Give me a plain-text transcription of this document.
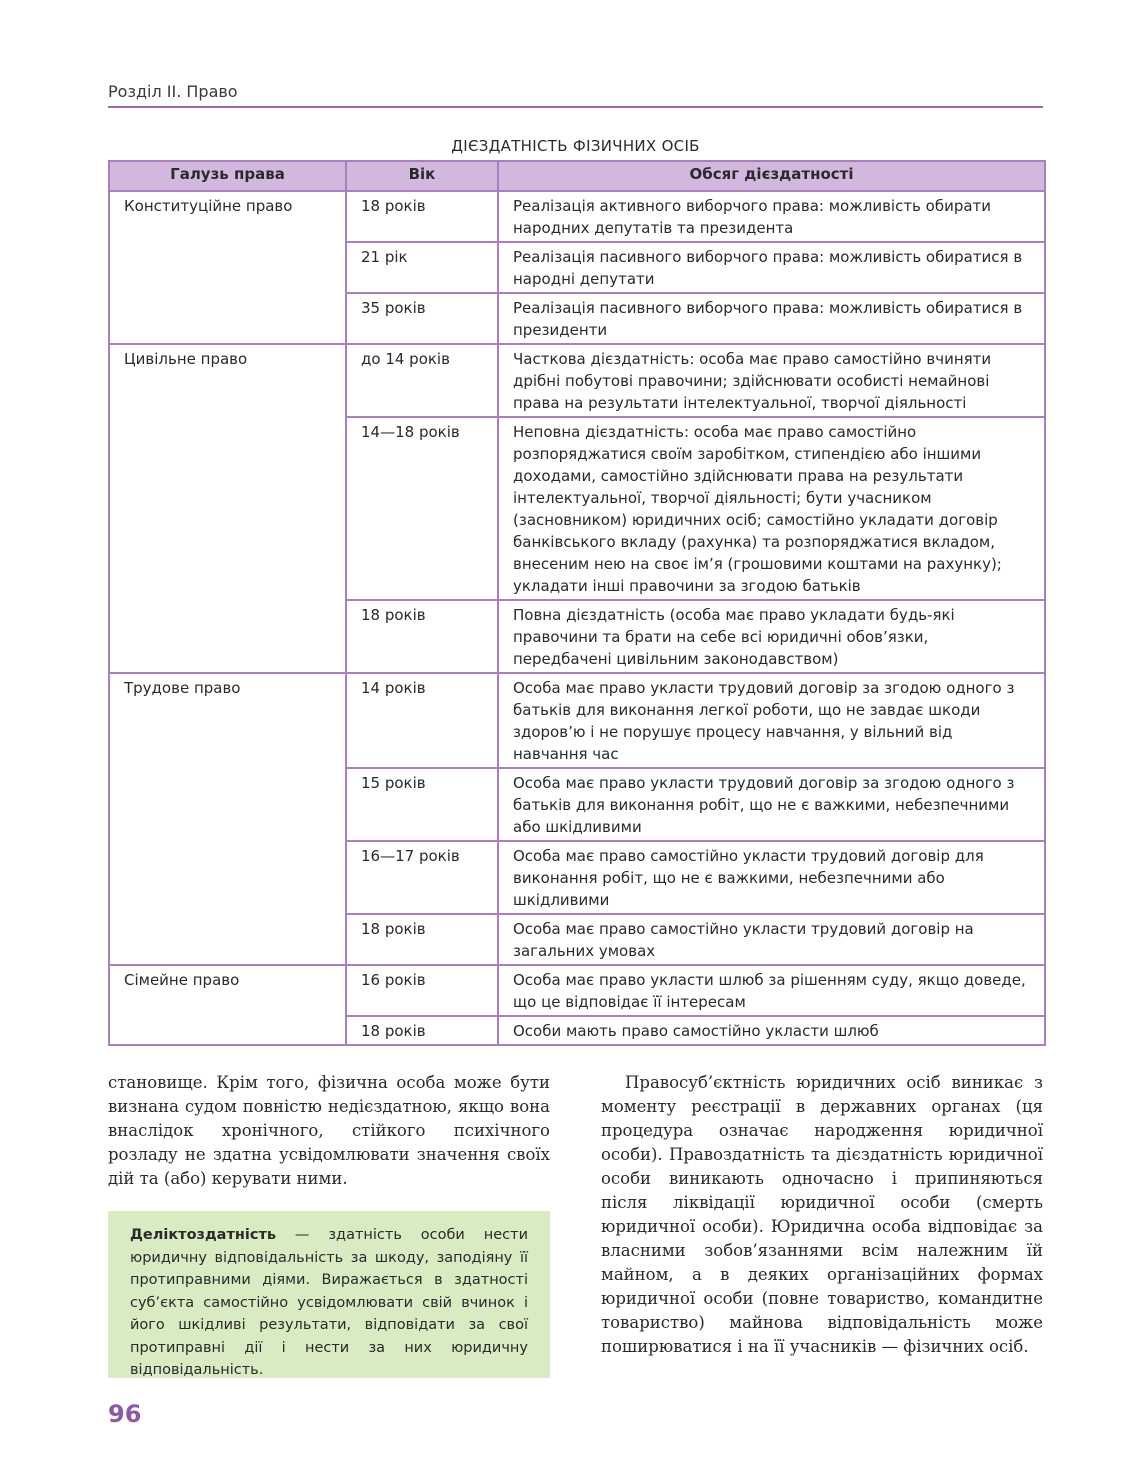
Розділ ІІ. Право
ДІЄЗДАТНІСТЬ ФІЗИЧНИХ ОСІБ
Галузь права	Вік	Обсяг дієздатності
Конституційне право	18 років	Реалізація активного виборчого права: можливість обирати народних депутатів та президента
	21 рік	Реалізація пасивного виборчого права: можливість обиратися в народні депутати
	35 років	Реалізація пасивного виборчого права: можливість обиратися в президенти
Цивільне право	до 14 років	Часткова дієздатність: особа має право самостійно вчиняти дрібні побутові правочини; здійснювати особисті немайнові права на результати інтелектуальної, творчої діяльності
	14—18 років	Неповна дієздатність: особа має право самостійно розпоряджатися своїм заробітком, стипендією або іншими доходами, самостійно здійснювати права на результати інтелектуальної, творчої діяльності; бути учасником (засновником) юридичних осіб; самостійно укладати договір банківського вкладу (рахунка) та розпоряджатися вкладом, внесеним нею на своє ім’я (грошовими коштами на рахунку); укладати інші правочини за згодою батьків
	18 років	Повна дієздатність (особа має право укладати будь-які правочини та брати на себе всі юридичні обов’язки, передбачені цивільним законодавством)
Трудове право	14 років	Особа має право укласти трудовий договір за згодою одного з батьків для виконання легкої роботи, що не завдає шкоди здоров’ю і не порушує процесу навчання, у вільний від навчання час
	15 років	Особа має право укласти трудовий договір за згодою одного з батьків для виконання робіт, що не є важкими, небезпечними або шкідливими
	16—17 років	Особа має право самостійно укласти трудовий договір для виконання робіт, що не є важкими, небезпечними або шкідливими
	18 років	Особа має право самостійно укласти трудовий договір на загальних умовах
Сімейне право	16 років	Особа має право укласти шлюб за рішенням суду, якщо доведе, що це відповідає її інтересам
	18 років	Особи мають право самостійно укласти шлюб

становище. Крім того, фізична особа може бути визнана судом повністю недієздатною, якщо вона внаслідок хронічного, стійкого психічного розладу не здатна усвідомлювати значення своїх дій та (або) керувати ними.

Деліктоздатність — здатність особи нести юридичну відповідальність за шкоду, заподіяну її протиправними діями. Виражається в здатності суб’єкта самостійно усвідомлювати свій вчинок і його шкідливі результати, відповідати за свої протиправні дії і нести за них юридичну відповідальність.

Правосуб’єктність юридичних осіб виникає з моменту реєстрації в державних органах (ця процедура означає народження юридичної особи). Правоздатність та дієздатність юридичної особи виникають одночасно і припиняються після ліквідації юридичної особи (смерть юридичної особи). Юридична особа відповідає за власними зобов’язаннями всім належним їй майном, а в деяких організаційних формах юридичної особи (повне товариство, командитне товариство) майнова відповідальність може поширюватися і на її учасників — фізичних осіб.

96
